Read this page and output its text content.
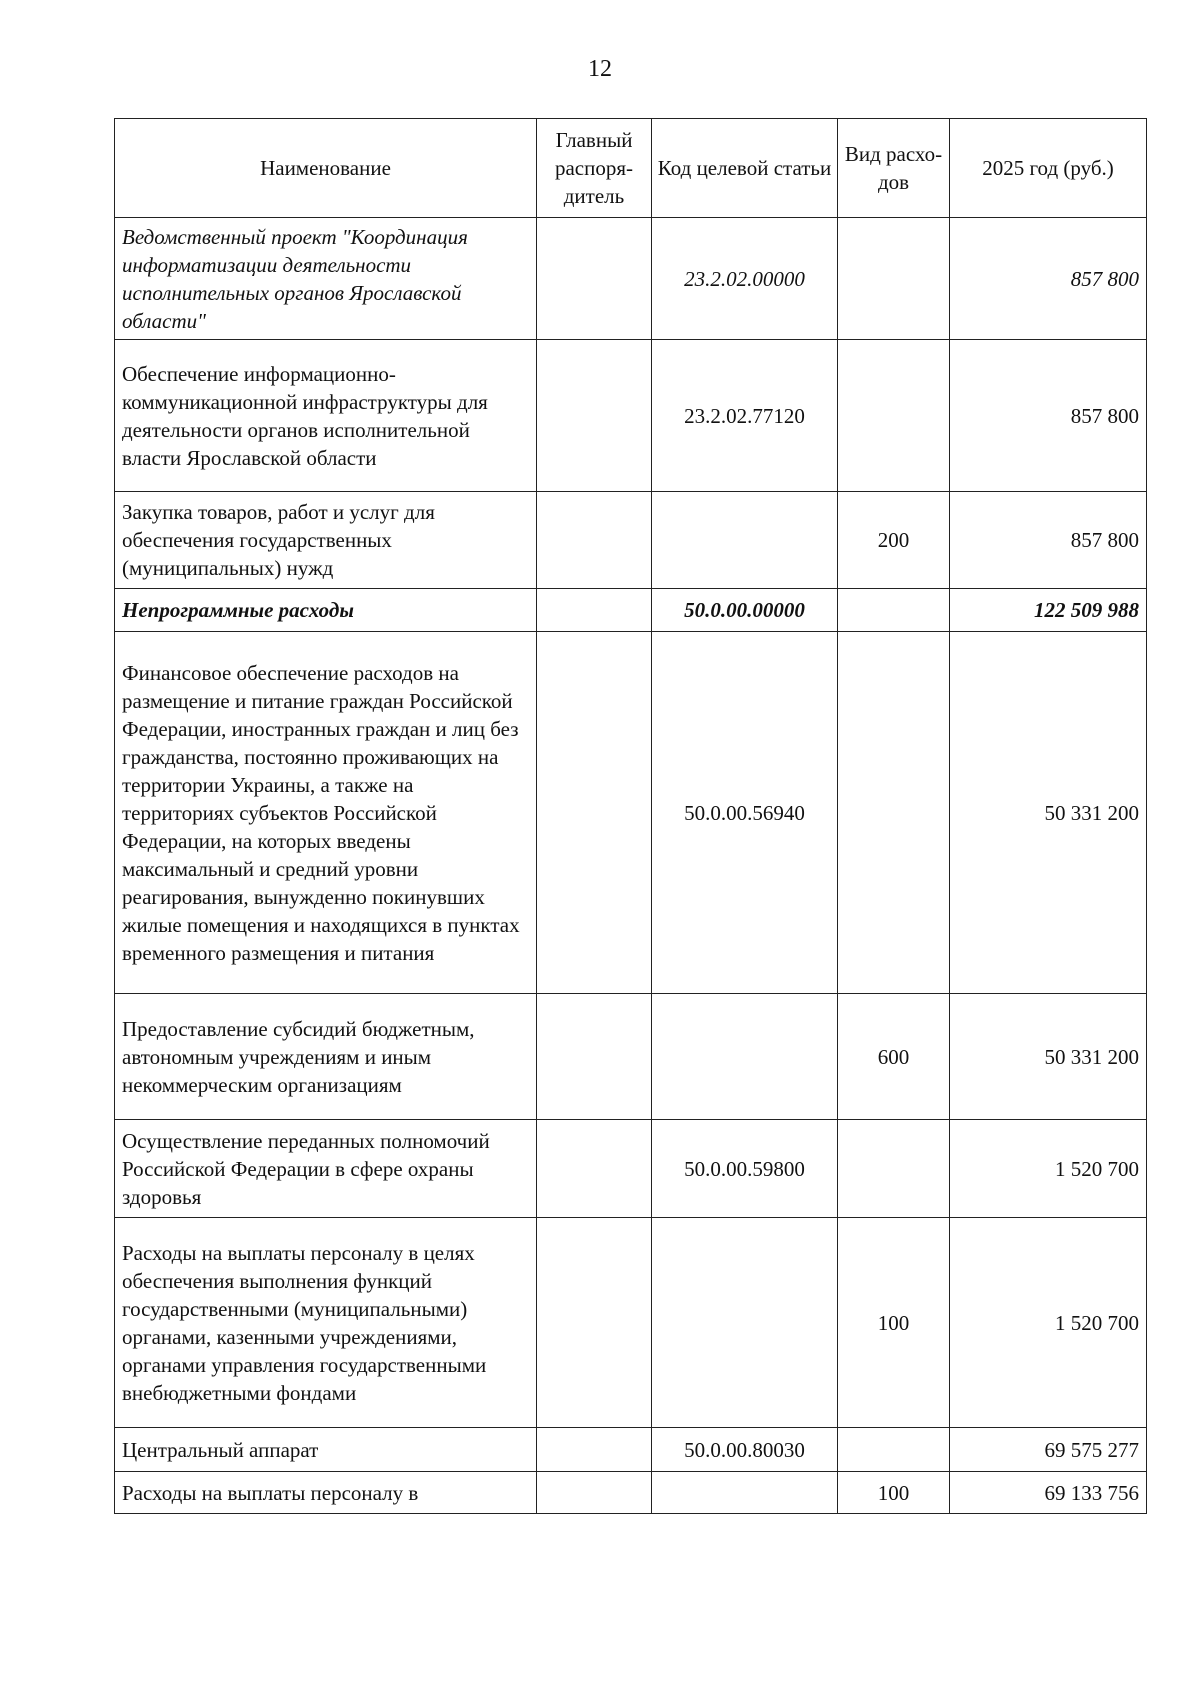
12
Наименование	Главный распоря-дитель	Код целевой статьи	Вид расхо-дов	2025 год (руб.)
Ведомственный проект "Координация информатизации деятельности исполнительных органов Ярославской области"		23.2.02.00000		857 800
Обеспечение информационно-коммуникационной инфраструктуры для деятельности органов исполнительной власти Ярославской области		23.2.02.77120		857 800
Закупка товаров, работ и услуг для обеспечения государственных (муниципальных) нужд			200	857 800
Непрограммные расходы		50.0.00.00000		122 509 988
Финансовое обеспечение расходов на размещение и питание граждан Российской Федерации, иностранных граждан и лиц без гражданства, постоянно проживающих на территории Украины, а также на территориях субъектов Российской Федерации, на которых введены максимальный и средний уровни реагирования, вынужденно покинувших жилые помещения и находящихся в пунктах временного размещения и питания		50.0.00.56940		50 331 200
Предоставление субсидий бюджетным, автономным учреждениям и иным некоммерческим организациям			600	50 331 200
Осуществление переданных полномочий Российской Федерации в сфере охраны здоровья		50.0.00.59800		1 520 700
Расходы на выплаты персоналу в целях обеспечения выполнения функций государственными (муниципальными) органами, казенными учреждениями, органами управления государственными внебюджетными фондами			100	1 520 700
Центральный аппарат		50.0.00.80030		69 575 277
Расходы на выплаты персоналу в			100	69 133 756
